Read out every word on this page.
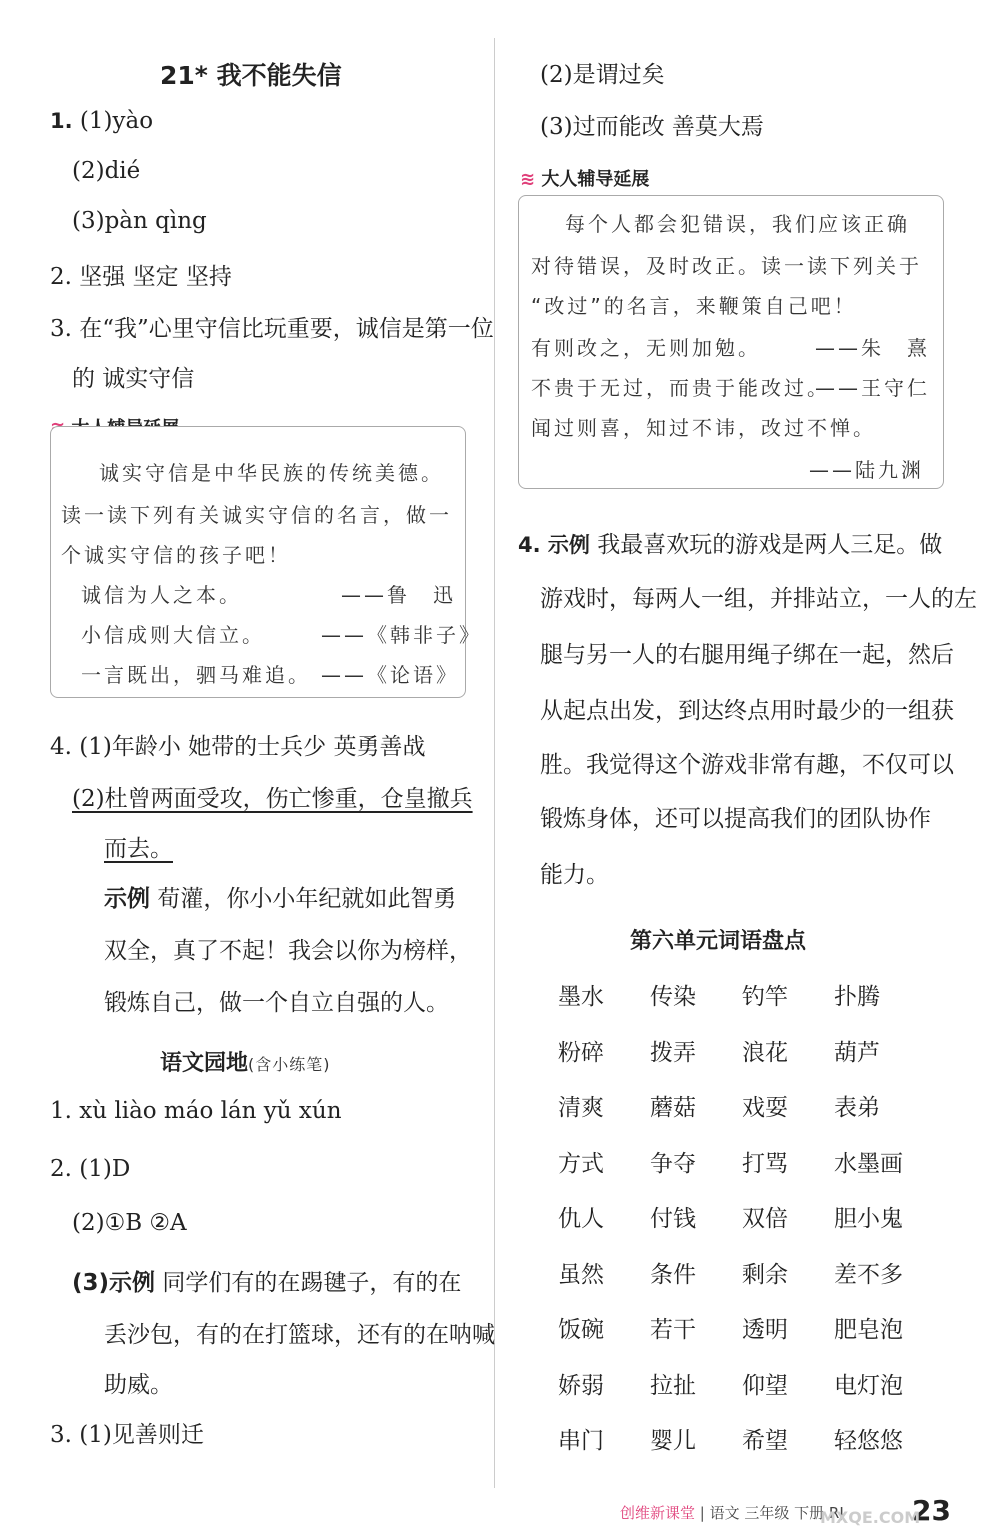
21* 我不能失信
1. (1)yào
(2)dié
(3)pàn qìng
2. 坚强 坚定 坚持
3. 在“我”心里守信比玩重要，诚信是第一位
的 诚实守信
诚实守信是中华民族的传统美德。
读一读下列有关诚实守信的名言，做一
个诚实守信的孩子吧！
诚信为人之本。	——鲁　迅
小信成则大信立。	——《韩非子》
一言既出，驷马难追。 ——《论语》
4. (1)年龄小 她带的士兵少 英勇善战
(2)杜曾两面受攻，伤亡惨重，仓皇撤兵
而去。
示例 荀灌，你小小年纪就如此智勇
双全，真了不起！我会以你为榜样，
锻炼自己，做一个自立自强的人。
语文园地(含小练笔)
1. xù liào máo lán yǔ xún
2. (1)D
(2)①B ②A
(3)示例 同学们有的在踢毽子，有的在
丢沙包，有的在打篮球，还有的在呐喊
助威。
3. (1)见善则迁
(2)是谓过矣
(3)过而能改 善莫大焉
≋ 大人辅导延展
每个人都会犯错误，我们应该正确
对待错误，及时改正。读一读下列关于
“改过”的名言，来鞭策自己吧！
有则改之，无则加勉。	——朱　熹
不贵于无过，而贵于能改过。
——王守仁
闻过则喜，知过不讳，改过不惮。
——陆九渊
4. 示例 我最喜欢玩的游戏是两人三足。做
游戏时，每两人一组，并排站立，一人的左
腿与另一人的右腿用绳子绑在一起，然后
从起点出发，到达终点用时最少的一组获
胜。我觉得这个游戏非常有趣，不仅可以
锻炼身体，还可以提高我们的团队协作
能力。
第六单元词语盘点
墨水 传染 钓竿 扑腾
粉碎 拨弄 浪花 葫芦
清爽 蘑菇 戏耍 表弟
方式 争夺 打骂 水墨画
仇人 付钱 双倍 胆小鬼
虽然 条件 剩余 差不多
饭碗 若干 透明 肥皂泡
娇弱 拉扯 仰望 电灯泡
串门 婴儿 希望 轻悠悠
创维新课堂 | 语文 三年级 下册 RJ 23
MXQE.COM
